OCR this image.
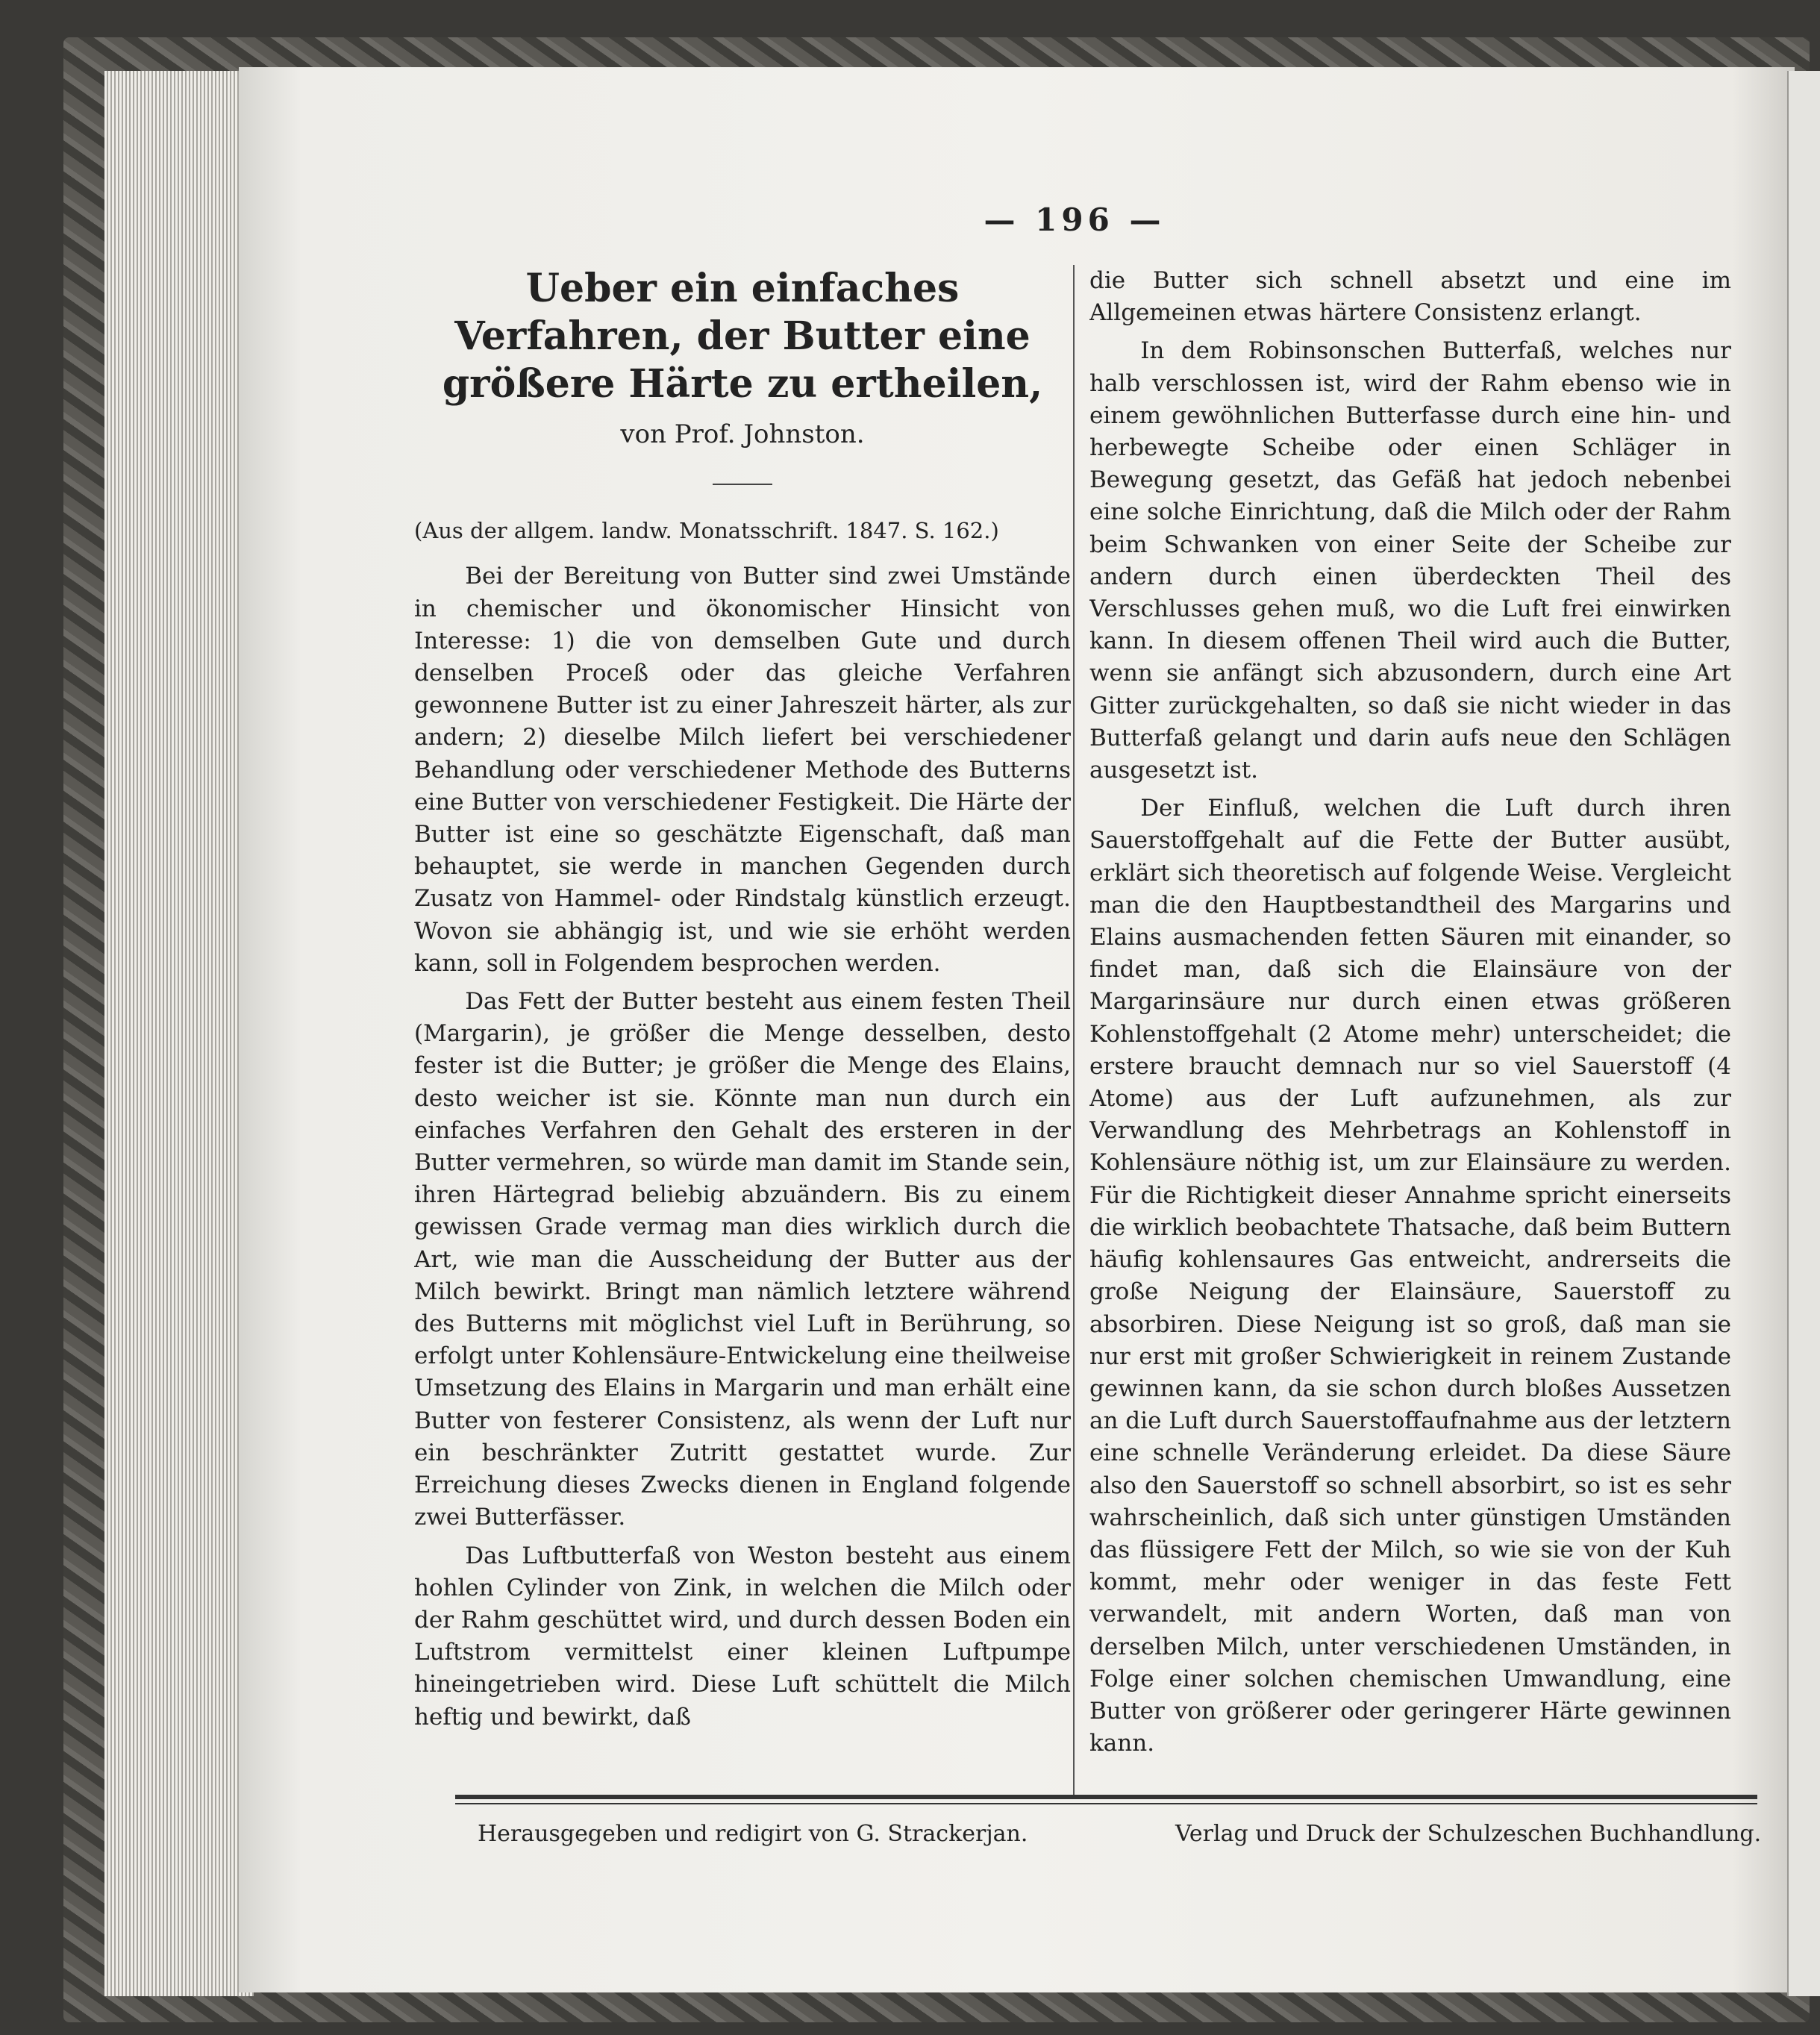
— 196 —
Ueber ein einfaches Verfahren, der Butter eine größere Härte zu ertheilen,
von Prof. Johnston.
(Aus der allgem. landw. Monatsschrift. 1847. S. 162.)

Bei der Bereitung von Butter sind zwei Umstände in chemischer und ökonomischer Hinsicht von Interesse: 1) die von demselben Gute und durch denselben Proceß oder das gleiche Verfahren gewonnene Butter ist zu einer Jahreszeit härter, als zur andern; 2) dieselbe Milch liefert bei verschiedener Behandlung oder verschiedener Methode des Butterns eine Butter von verschiedener Festigkeit. Die Härte der Butter ist eine so geschätzte Eigenschaft, daß man behauptet, sie werde in manchen Gegenden durch Zusatz von Hammel- oder Rindstalg künstlich erzeugt. Wovon sie abhängig ist, und wie sie erhöht werden kann, soll in Folgendem besprochen werden.

Das Fett der Butter besteht aus einem festen Theil (Margarin), je größer die Menge desselben, desto fester ist die Butter; je größer die Menge des Elains, desto weicher ist sie. Könnte man nun durch ein einfaches Verfahren den Gehalt des ersteren in der Butter vermehren, so würde man damit im Stande sein, ihren Härtegrad beliebig abzuändern. Bis zu einem gewissen Grade vermag man dies wirklich durch die Art, wie man die Ausscheidung der Butter aus der Milch bewirkt. Bringt man nämlich letztere während des Butterns mit möglichst viel Luft in Berührung, so erfolgt unter Kohlensäure-Entwickelung eine theilweise Umsetzung des Elains in Margarin und man erhält eine Butter von festerer Consistenz, als wenn der Luft nur ein beschränkter Zutritt gestattet wurde. Zur Erreichung dieses Zwecks dienen in England folgende zwei Butterfässer.

Das Luftbutterfaß von Weston besteht aus einem hohlen Cylinder von Zink, in welchen die Milch oder der Rahm geschüttet wird, und durch dessen Boden ein Luftstrom vermittelst einer kleinen Luftpumpe hineingetrieben wird. Diese Luft schüttelt die Milch heftig und bewirkt, daß

die Butter sich schnell absetzt und eine im Allgemeinen etwas härtere Consistenz erlangt.

In dem Robinsonschen Butterfaß, welches nur halb verschlossen ist, wird der Rahm ebenso wie in einem gewöhnlichen Butterfasse durch eine hin- und herbewegte Scheibe oder einen Schläger in Bewegung gesetzt, das Gefäß hat jedoch nebenbei eine solche Einrichtung, daß die Milch oder der Rahm beim Schwanken von einer Seite der Scheibe zur andern durch einen überdeckten Theil des Verschlusses gehen muß, wo die Luft frei einwirken kann. In diesem offenen Theil wird auch die Butter, wenn sie anfängt sich abzusondern, durch eine Art Gitter zurückgehalten, so daß sie nicht wieder in das Butterfaß gelangt und darin aufs neue den Schlägen ausgesetzt ist.

Der Einfluß, welchen die Luft durch ihren Sauerstoffgehalt auf die Fette der Butter ausübt, erklärt sich theoretisch auf folgende Weise. Vergleicht man die den Hauptbestandtheil des Margarins und Elains ausmachenden fetten Säuren mit einander, so findet man, daß sich die Elainsäure von der Margarinsäure nur durch einen etwas größeren Kohlenstoffgehalt (2 Atome mehr) unterscheidet; die erstere braucht demnach nur so viel Sauerstoff (4 Atome) aus der Luft aufzunehmen, als zur Verwandlung des Mehrbetrags an Kohlenstoff in Kohlensäure nöthig ist, um zur Elainsäure zu werden. Für die Richtigkeit dieser Annahme spricht einerseits die wirklich beobachtete Thatsache, daß beim Buttern häufig kohlensaures Gas entweicht, andrerseits die große Neigung der Elainsäure, Sauerstoff zu absorbiren. Diese Neigung ist so groß, daß man sie nur erst mit großer Schwierigkeit in reinem Zustande gewinnen kann, da sie schon durch bloßes Aussetzen an die Luft durch Sauerstoffaufnahme aus der letztern eine schnelle Veränderung erleidet. Da diese Säure also den Sauerstoff so schnell absorbirt, so ist es sehr wahrscheinlich, daß sich unter günstigen Umständen das flüssigere Fett der Milch, so wie sie von der Kuh kommt, mehr oder weniger in das feste Fett verwandelt, mit andern Worten, daß man von derselben Milch, unter verschiedenen Umständen, in Folge einer solchen chemischen Umwandlung, eine Butter von größerer oder geringerer Härte gewinnen kann.

Herausgegeben und redigirt von G. Strackerjan.	Verlag und Druck der Schulzeschen Buchhandlung.
